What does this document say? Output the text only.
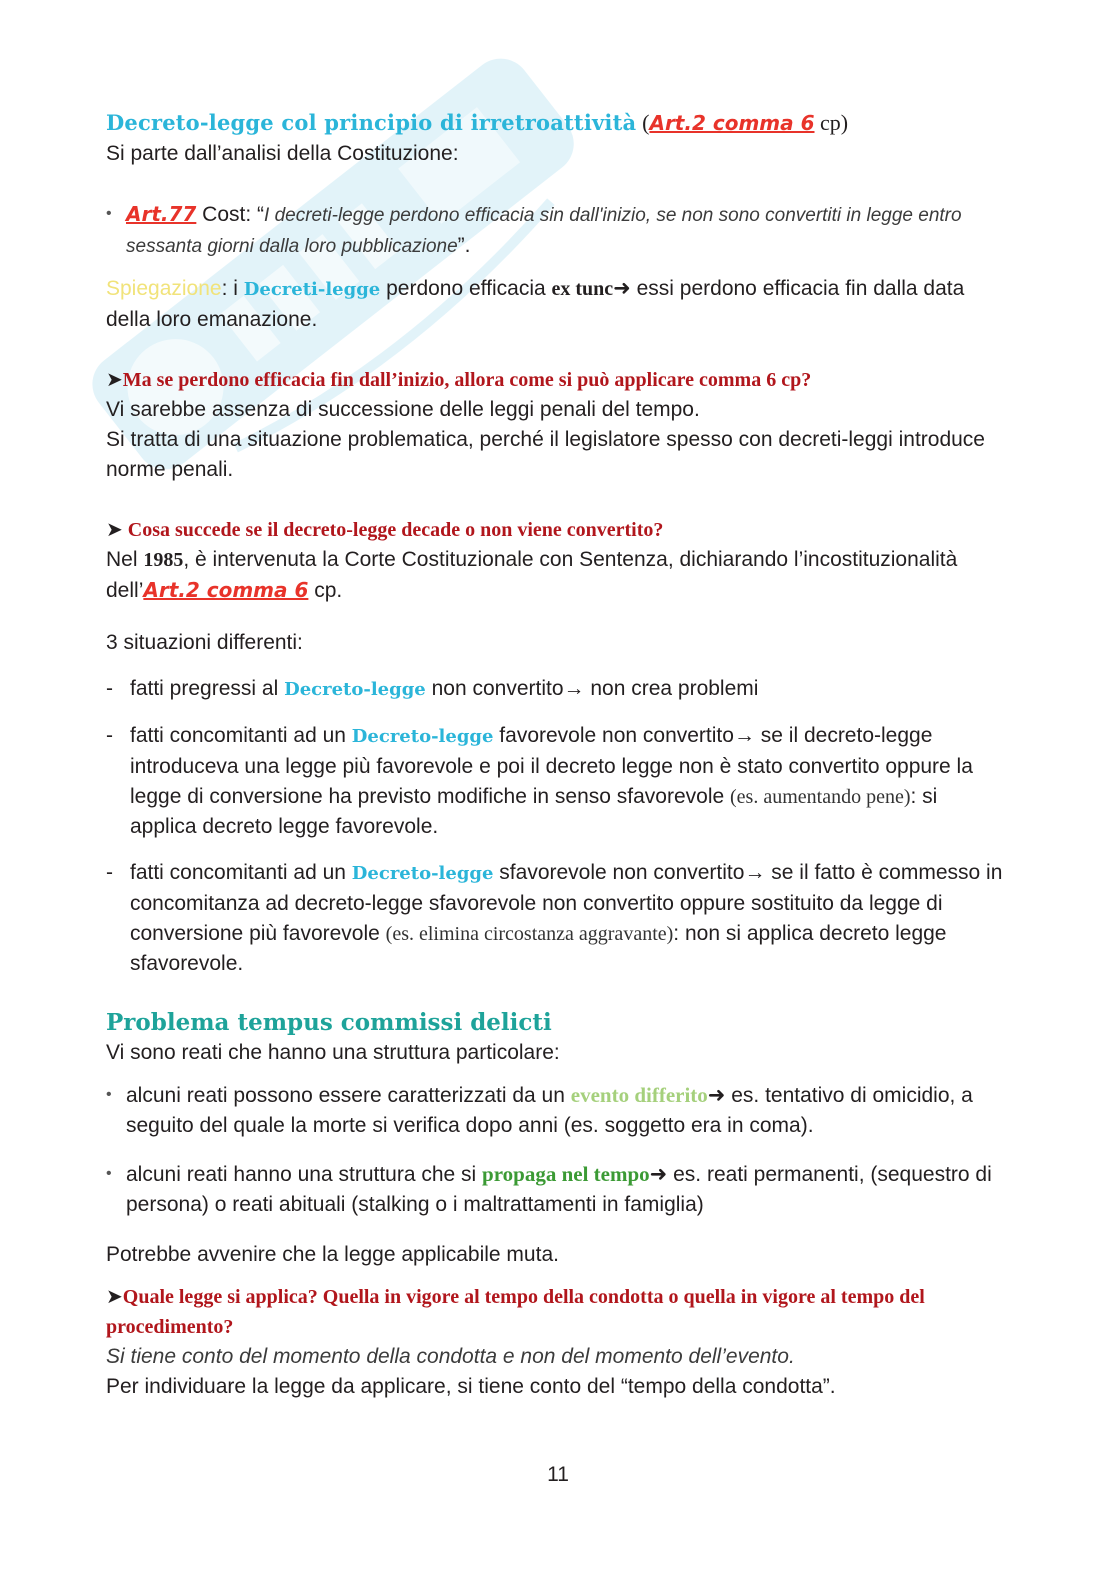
Decreto-legge col principio di irretroattività (Art.2 comma 6 cp)

Si parte dall’analisi della Costituzione:

• Art.77 Cost: “I decreti-legge perdono efficacia sin dall'inizio, se non sono convertiti in legge entro sessanta giorni dalla loro pubblicazione”.

Spiegazione: i Decreti-legge perdono efficacia ex tunc➜ essi perdono efficacia fin dalla data della loro emanazione.

➤Ma se perdono efficacia fin dall’inizio, allora come si può applicare comma 6 cp?

Vi sarebbe assenza di successione delle leggi penali del tempo.

Si tratta di una situazione problematica, perché il legislatore spesso con decreti-leggi introduce norme penali.

➤ Cosa succede se il decreto-legge decade o non viene convertito?

Nel 1985, è intervenuta la Corte Costituzionale con Sentenza, dichiarando l’incostituzionalità dell’Art.2 comma 6 cp.

3 situazioni differenti:

- fatti pregressi al Decreto-legge non convertito→ non crea problemi

- fatti concomitanti ad un Decreto-legge favorevole non convertito→ se il decreto-legge introduceva una legge più favorevole e poi il decreto legge non è stato convertito oppure la legge di conversione ha previsto modifiche in senso sfavorevole (es. aumentando pene): si applica decreto legge favorevole.

- fatti concomitanti ad un Decreto-legge sfavorevole non convertito→ se il fatto è commesso in concomitanza ad decreto-legge sfavorevole non convertito oppure sostituito da legge di conversione più favorevole (es. elimina circostanza aggravante): non si applica decreto legge sfavorevole.

Problema tempus commissi delicti

Vi sono reati che hanno una struttura particolare:

• alcuni reati possono essere caratterizzati da un evento differito➜ es. tentativo di omicidio, a seguito del quale la morte si verifica dopo anni (es. soggetto era in coma).

• alcuni reati hanno una struttura che si propaga nel tempo➜ es. reati permanenti, (sequestro di persona) o reati abituali (stalking o i maltrattamenti in famiglia)

Potrebbe avvenire che la legge applicabile muta.

➤Quale legge si applica? Quella in vigore al tempo della condotta o quella in vigore al tempo del procedimento?

Si tiene conto del momento della condotta e non del momento dell’evento.

Per individuare la legge da applicare, si tiene conto del “tempo della condotta”.

11
